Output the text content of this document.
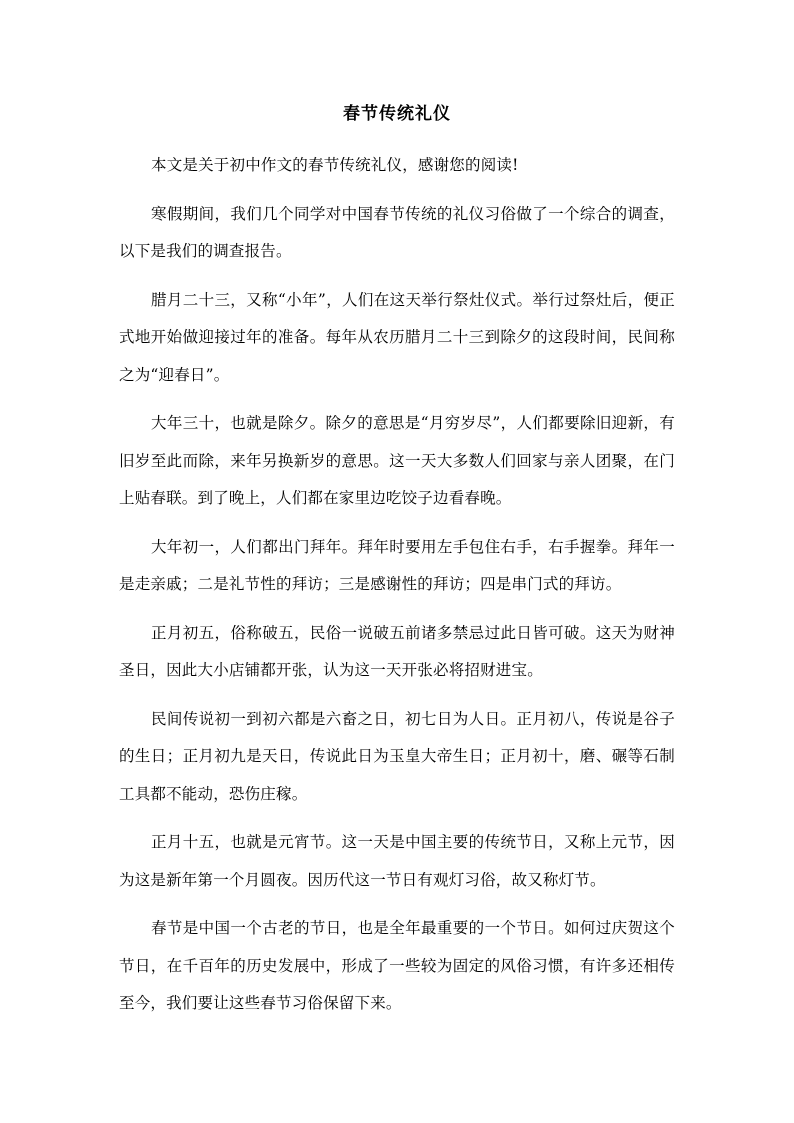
春节传统礼仪

本文是关于初中作文的春节传统礼仪，感谢您的阅读!

寒假期间，我们几个同学对中国春节传统的礼仪习俗做了一个综合的调查，以下是我们的调查报告。

腊月二十三，又称“小年”，人们在这天举行祭灶仪式。举行过祭灶后，便正式地开始做迎接过年的准备。每年从农历腊月二十三到除夕的这段时间，民间称之为“迎春日”。

大年三十，也就是除夕。除夕的意思是“月穷岁尽”，人们都要除旧迎新，有旧岁至此而除，来年另换新岁的意思。这一天大多数人们回家与亲人团聚，在门上贴春联。到了晚上，人们都在家里边吃饺子边看春晚。

大年初一，人们都出门拜年。拜年时要用左手包住右手，右手握拳。拜年一是走亲戚；二是礼节性的拜访；三是感谢性的拜访；四是串门式的拜访。

正月初五，俗称破五，民俗一说破五前诸多禁忌过此日皆可破。这天为财神圣日，因此大小店铺都开张，认为这一天开张必将招财进宝。

民间传说初一到初六都是六畜之日，初七日为人日。正月初八，传说是谷子的生日；正月初九是天日，传说此日为玉皇大帝生日；正月初十，磨、碾等石制工具都不能动，恐伤庄稼。

正月十五，也就是元宵节。这一天是中国主要的传统节日，又称上元节，因为这是新年第一个月圆夜。因历代这一节日有观灯习俗，故又称灯节。

春节是中国一个古老的节日，也是全年最重要的一个节日。如何过庆贺这个节日，在千百年的历史发展中，形成了一些较为固定的风俗习惯，有许多还相传至今，我们要让这些春节习俗保留下来。
